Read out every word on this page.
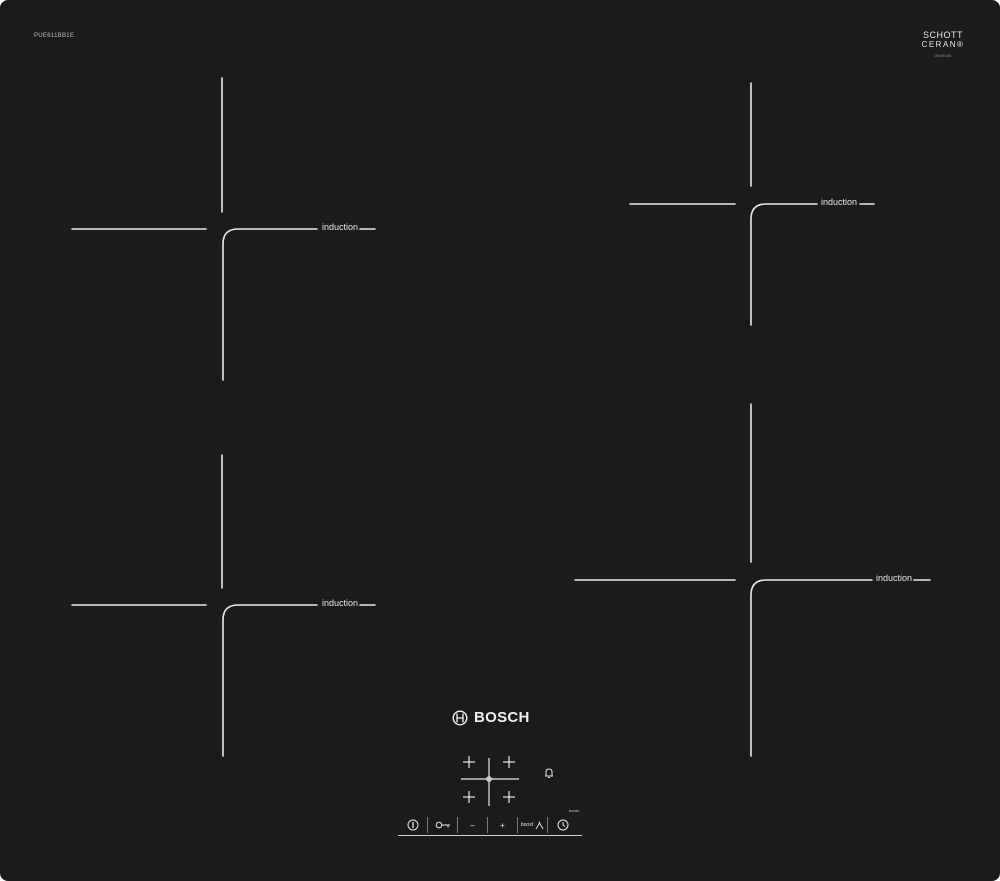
PUE611BB1E	SCHOTT
CERAN®
0000000
induction
induction
induction
induction
BOSCH
boost
–	+	boost
